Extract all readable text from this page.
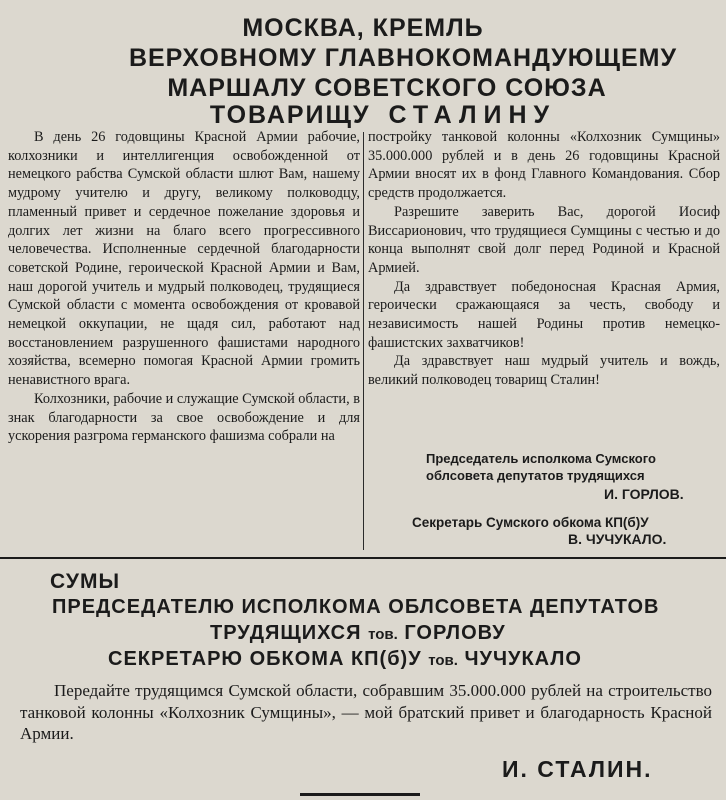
МОСКВА, КРЕМЛЬ
ВЕРХОВНОМУ ГЛАВНОКОМАНДУЮЩЕМУ
МАРШАЛУ СОВЕТСКОГО СОЮЗА
ТОВАРИЩУ СТАЛИНУ

В день 26 годовщины Красной Армии рабочие, колхозники и интеллигенция освобожденной от немецкого рабства Сумской области шлют Вам, нашему мудрому учителю и другу, великому полководцу, пламенный привет и сердечное пожелание здоровья и долгих лет жизни на благо всего прогрессивного человечества. Исполненные сердечной благодарности советской Родине, героической Красной Армии и Вам, наш дорогой учитель и мудрый полководец, трудящиеся Сумской области с момента освобождения от кровавой немецкой оккупации, не щадя сил, работают над восстановлением разрушенного фашистами народного хозяйства, всемерно помогая Красной Армии громить ненавистного врага.

Колхозники, рабочие и служащие Сумской области, в знак благодарности за свое освобождение и для ускорения разгрома германского фашизма собрали на

постройку танковой колонны «Колхозник Сумщины» 35.000.000 рублей и в день 26 годовщины Красной Армии вносят их в фонд Главного Командования. Сбор средств продолжается.

Разрешите заверить Вас, дорогой Иосиф Виссарионович, что трудящиеся Сумщины с честью и до конца выполнят свой долг перед Родиной и Красной Армией.

Да здравствует победоносная Красная Армия, героически сражающаяся за честь, свободу и независимость нашей Родины против немецко-фашистских захватчиков!

Да здравствует наш мудрый учитель и вождь, великий полководец товарищ Сталин!

Председатель исполкома Сумского
облсовета депутатов трудящихся
И. ГОРЛОВ.
Секретарь Сумского обкома КП(б)У
В. ЧУЧУКАЛО.
СУМЫ
ПРЕДСЕДАТЕЛЮ ИСПОЛКОМА ОБЛСОВЕТА ДЕПУТАТОВ
ТРУДЯЩИХСЯ тов. ГОРЛОВУ
СЕКРЕТАРЮ ОБКОМА КП(б)У тов. ЧУЧУКАЛО

Передайте трудящимся Сумской области, собравшим 35.000.000 рублей на строительство танковой колонны «Колхозник Сумщины», — мой братский привет и благодарность Красной Армии.

И. СТАЛИН.
